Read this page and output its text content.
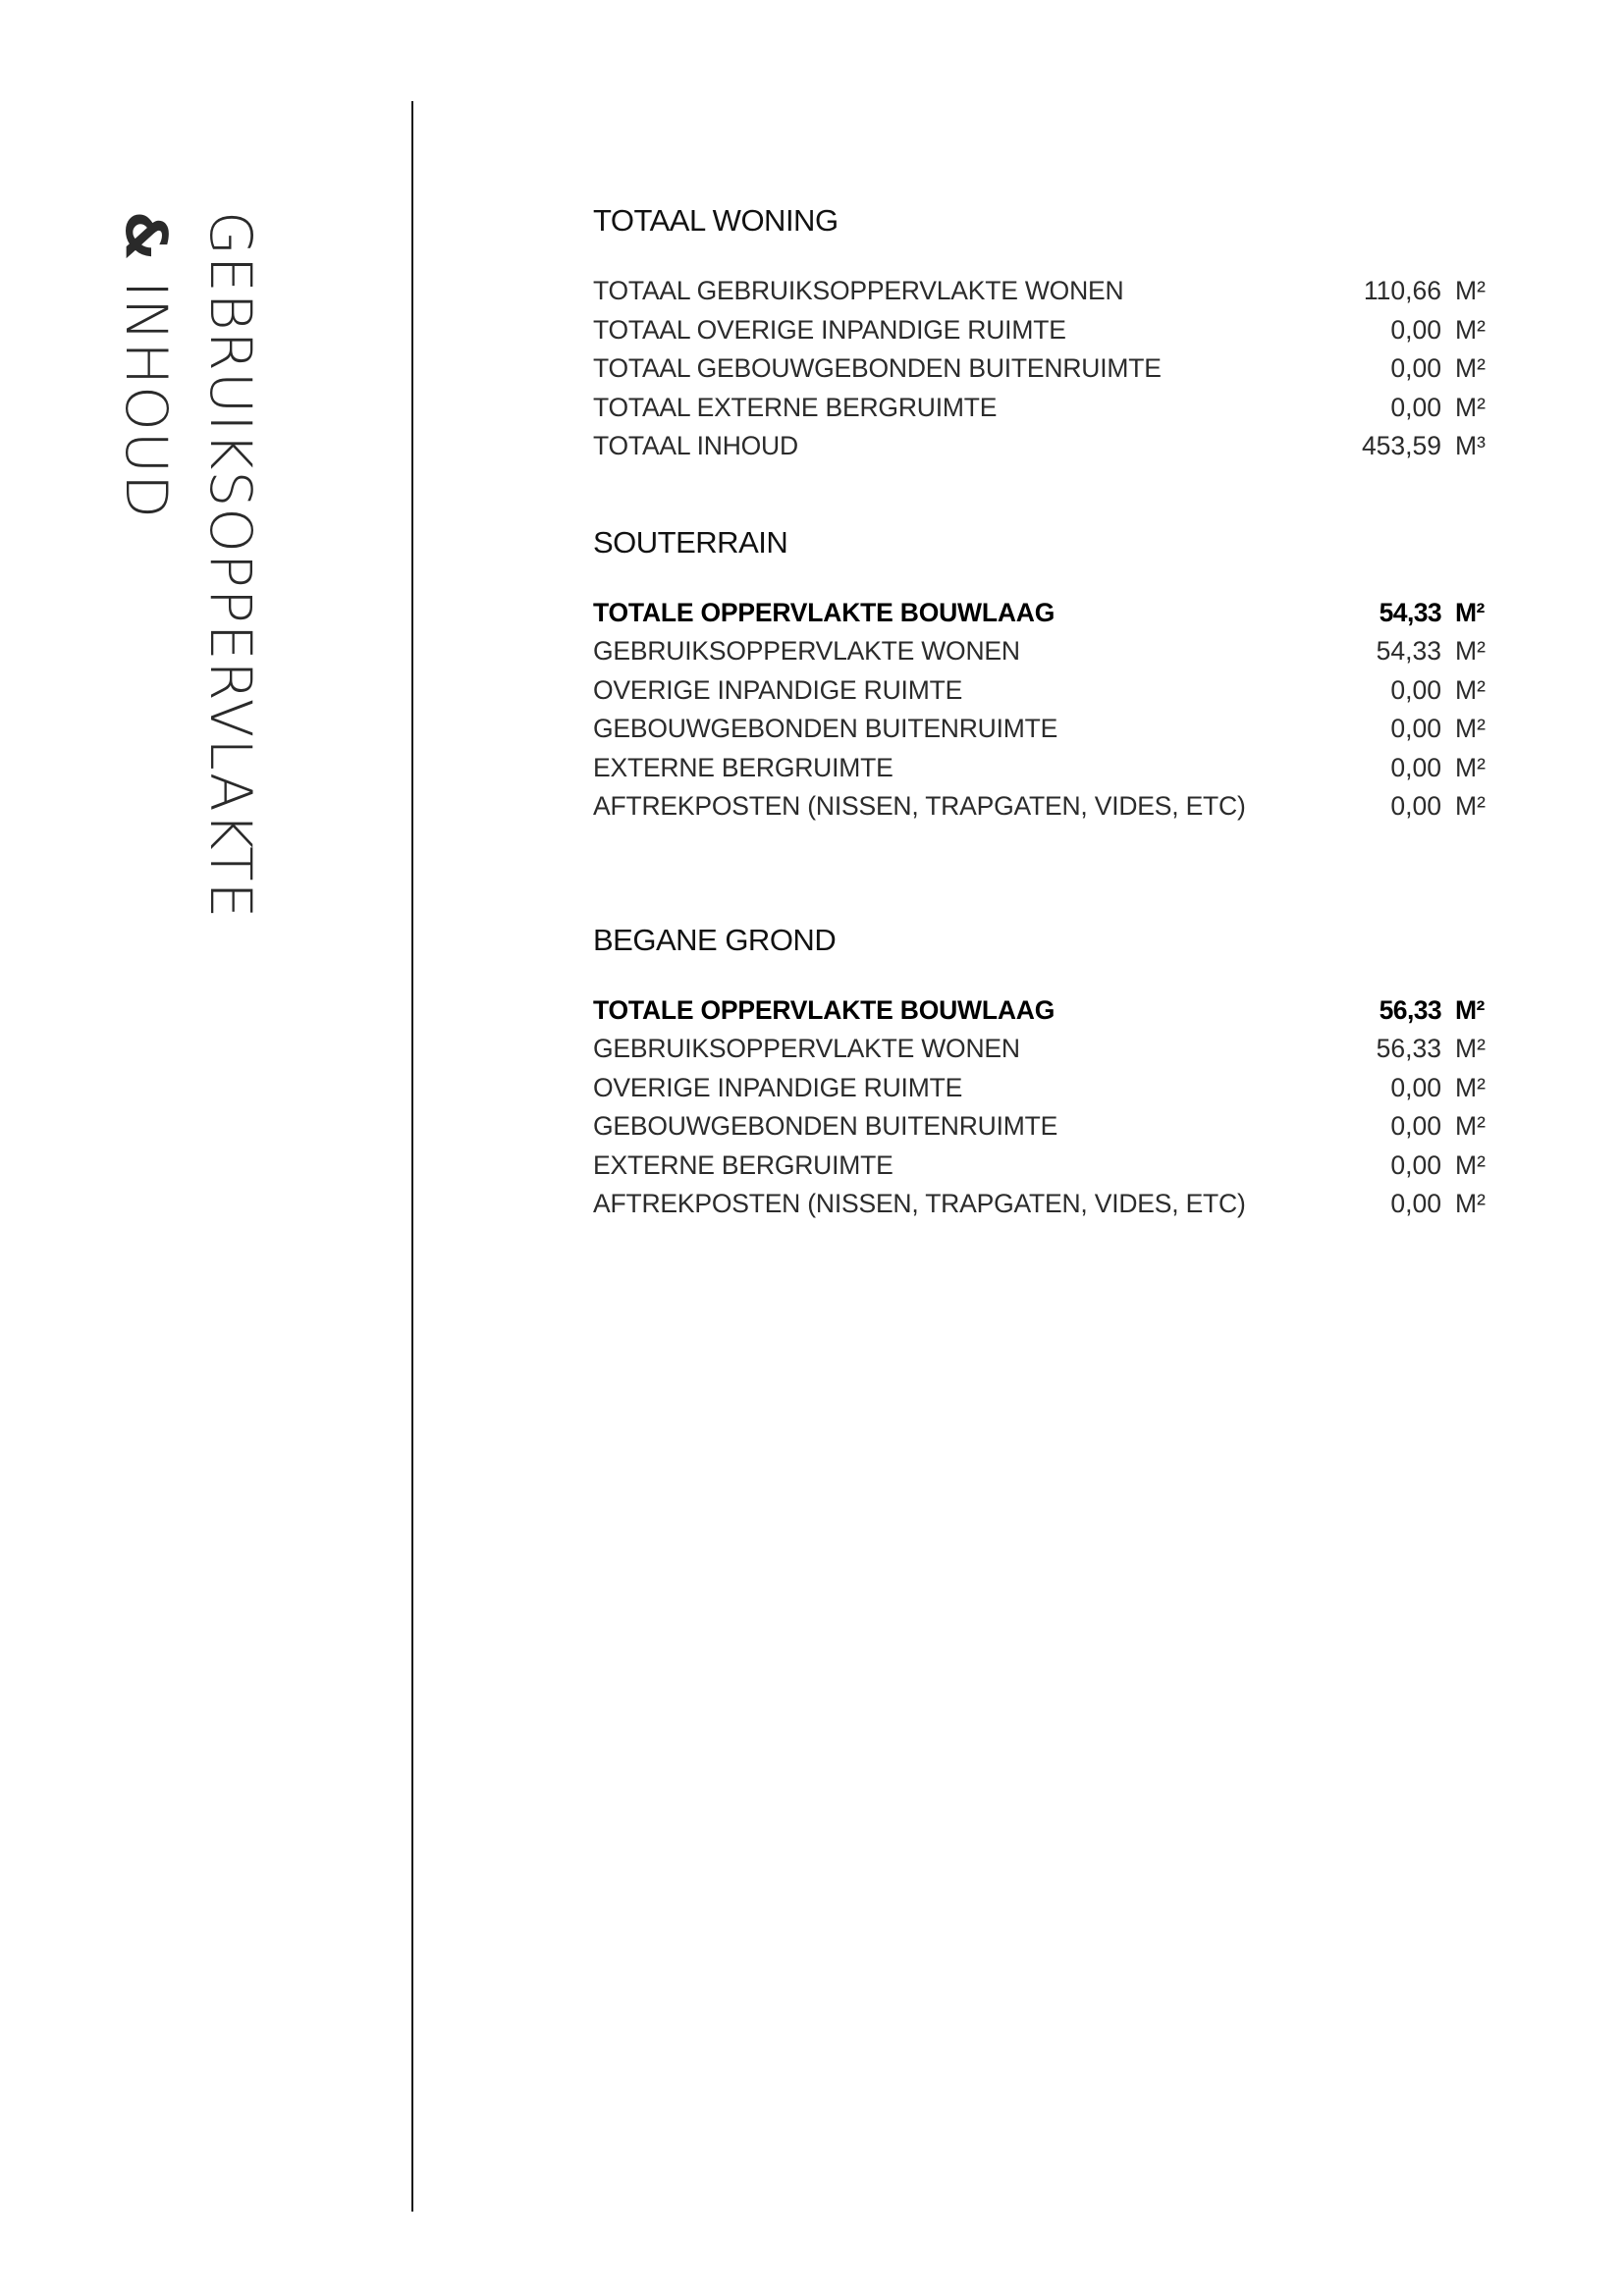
GEBRUIKSOPPERVLAKTE
& INHOUD
TOTAAL WONING
TOTAAL GEBRUIKSOPPERVLAKTE WONEN	110,66 M²
TOTAAL OVERIGE INPANDIGE RUIMTE	0,00 M²
TOTAAL GEBOUWGEBONDEN BUITENRUIMTE	0,00 M²
TOTAAL EXTERNE BERGRUIMTE	0,00 M²
TOTAAL INHOUD	453,59 M³
SOUTERRAIN
TOTALE OPPERVLAKTE BOUWLAAG	54,33 M²
GEBRUIKSOPPERVLAKTE WONEN	54,33 M²
OVERIGE INPANDIGE RUIMTE	0,00 M²
GEBOUWGEBONDEN BUITENRUIMTE	0,00 M²
EXTERNE BERGRUIMTE	0,00 M²
AFTREKPOSTEN (NISSEN, TRAPGATEN, VIDES, ETC)	0,00 M²
BEGANE GROND
TOTALE OPPERVLAKTE BOUWLAAG	56,33 M²
GEBRUIKSOPPERVLAKTE WONEN	56,33 M²
OVERIGE INPANDIGE RUIMTE	0,00 M²
GEBOUWGEBONDEN BUITENRUIMTE	0,00 M²
EXTERNE BERGRUIMTE	0,00 M²
AFTREKPOSTEN (NISSEN, TRAPGATEN, VIDES, ETC)	0,00 M²
